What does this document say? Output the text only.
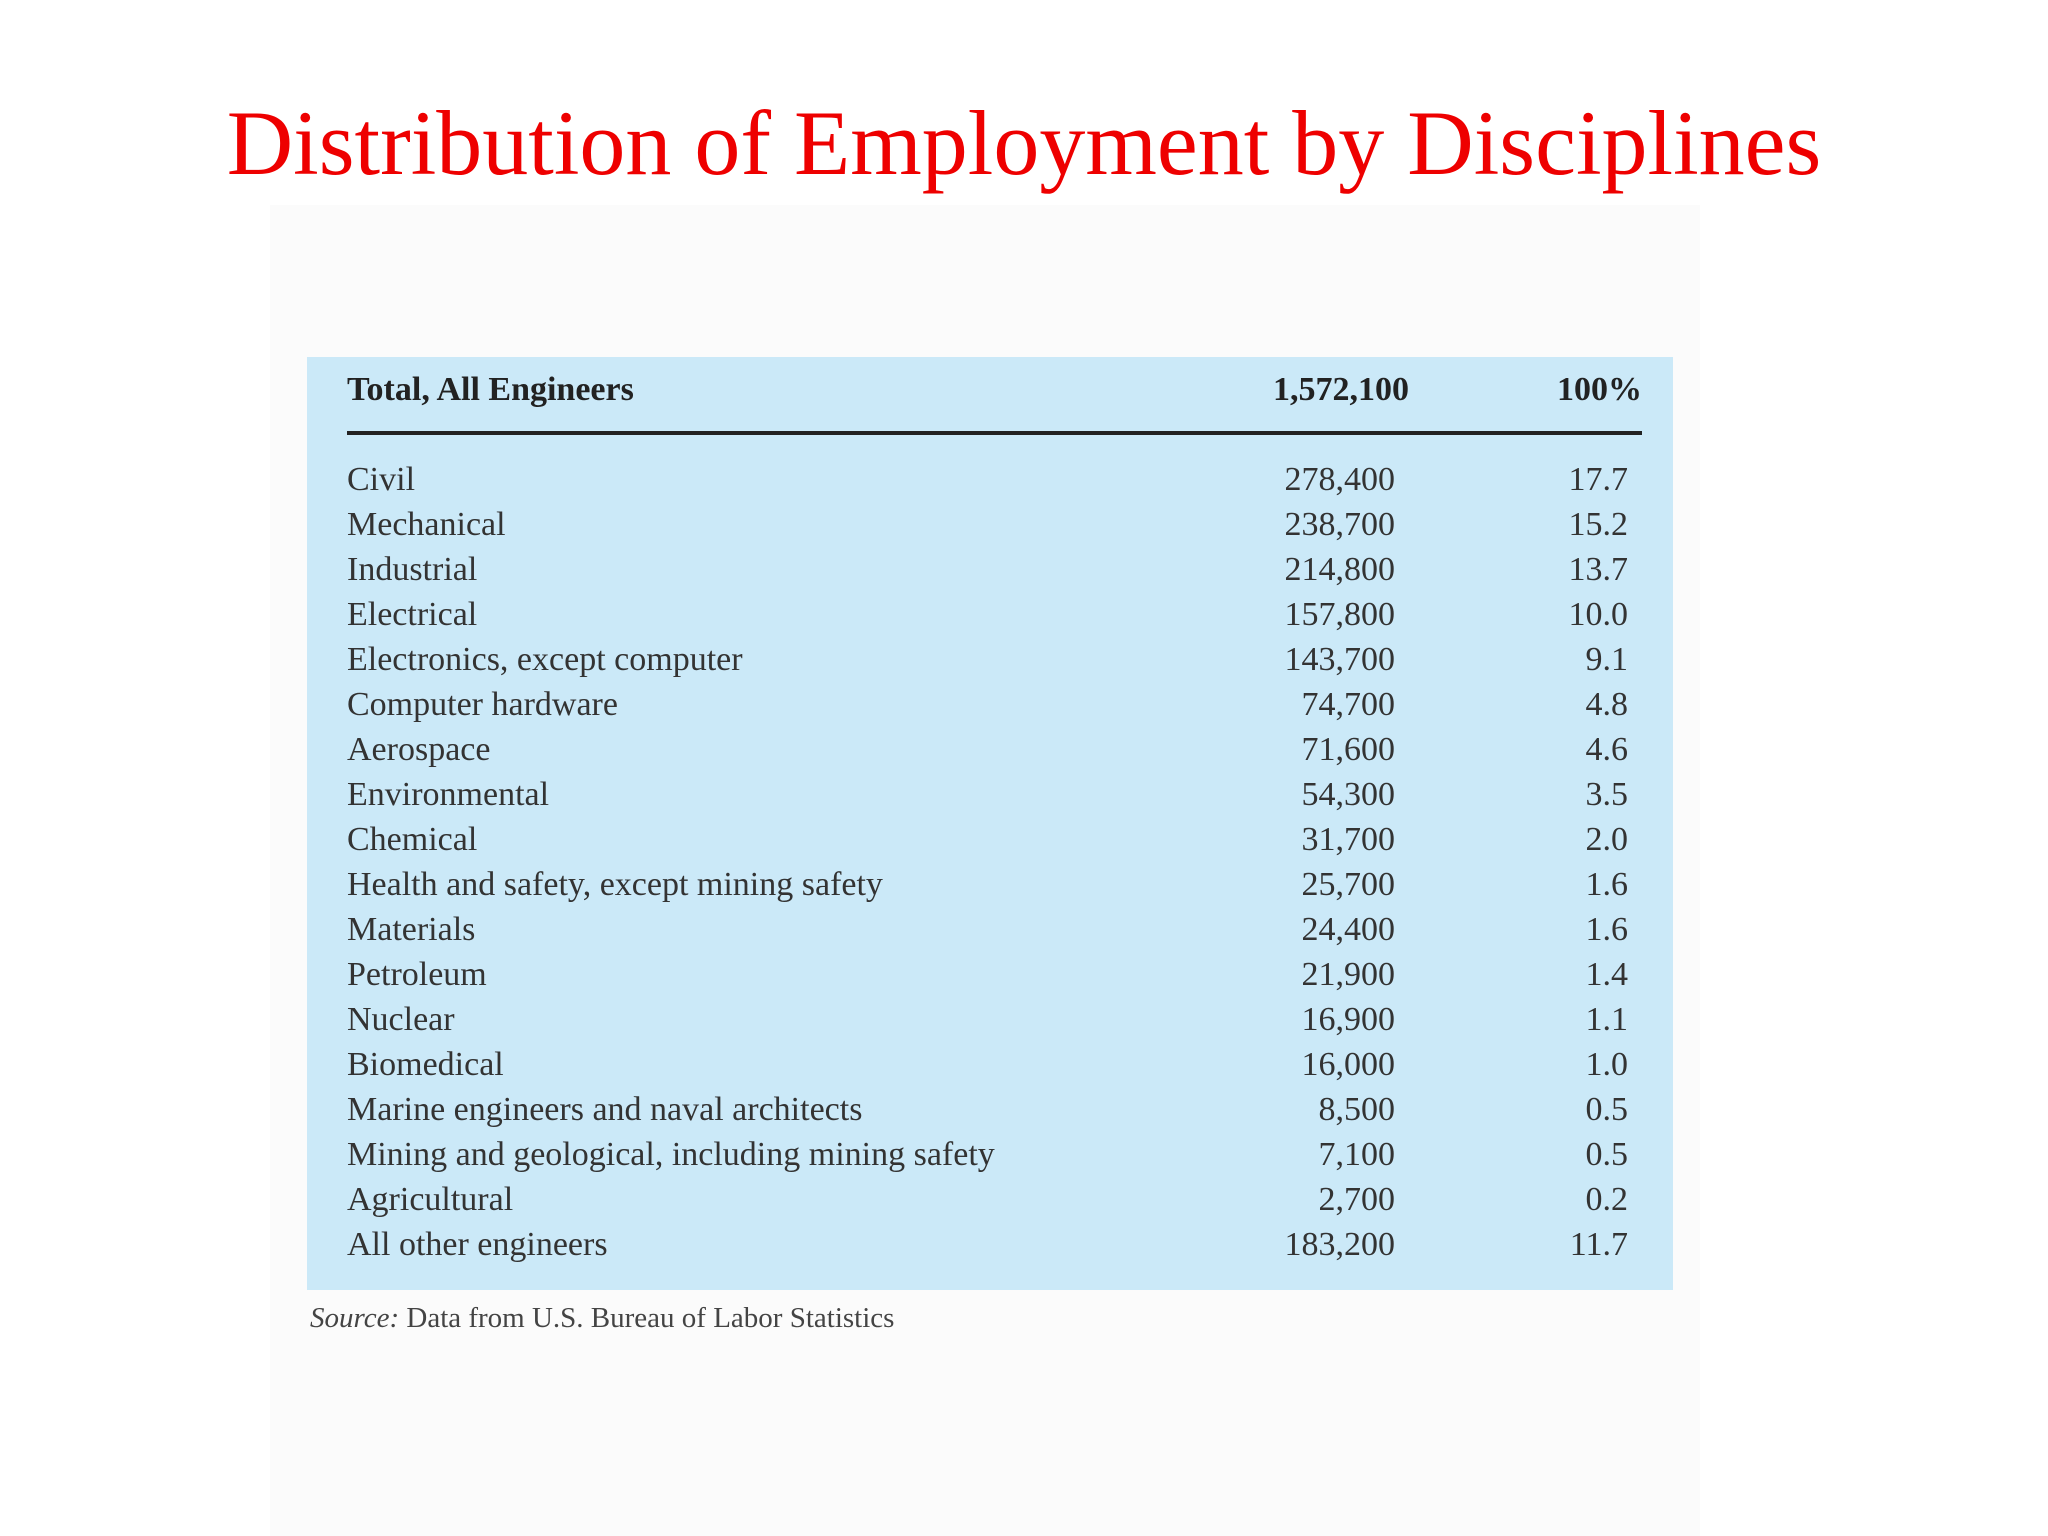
Distribution of Employment by Disciplines
Total, All Engineers	1,572,100	100%
Civil	278,400	17.7
Mechanical	238,700	15.2
Industrial	214,800	13.7
Electrical	157,800	10.0
Electronics, except computer	143,700	9.1
Computer hardware	74,700	4.8
Aerospace	71,600	4.6
Environmental	54,300	3.5
Chemical	31,700	2.0
Health and safety, except mining safety	25,700	1.6
Materials	24,400	1.6
Petroleum	21,900	1.4
Nuclear	16,900	1.1
Biomedical	16,000	1.0
Marine engineers and naval architects	8,500	0.5
Mining and geological, including mining safety	7,100	0.5
Agricultural	2,700	0.2
All other engineers	183,200	11.7
Source: Data from U.S. Bureau of Labor Statistics
